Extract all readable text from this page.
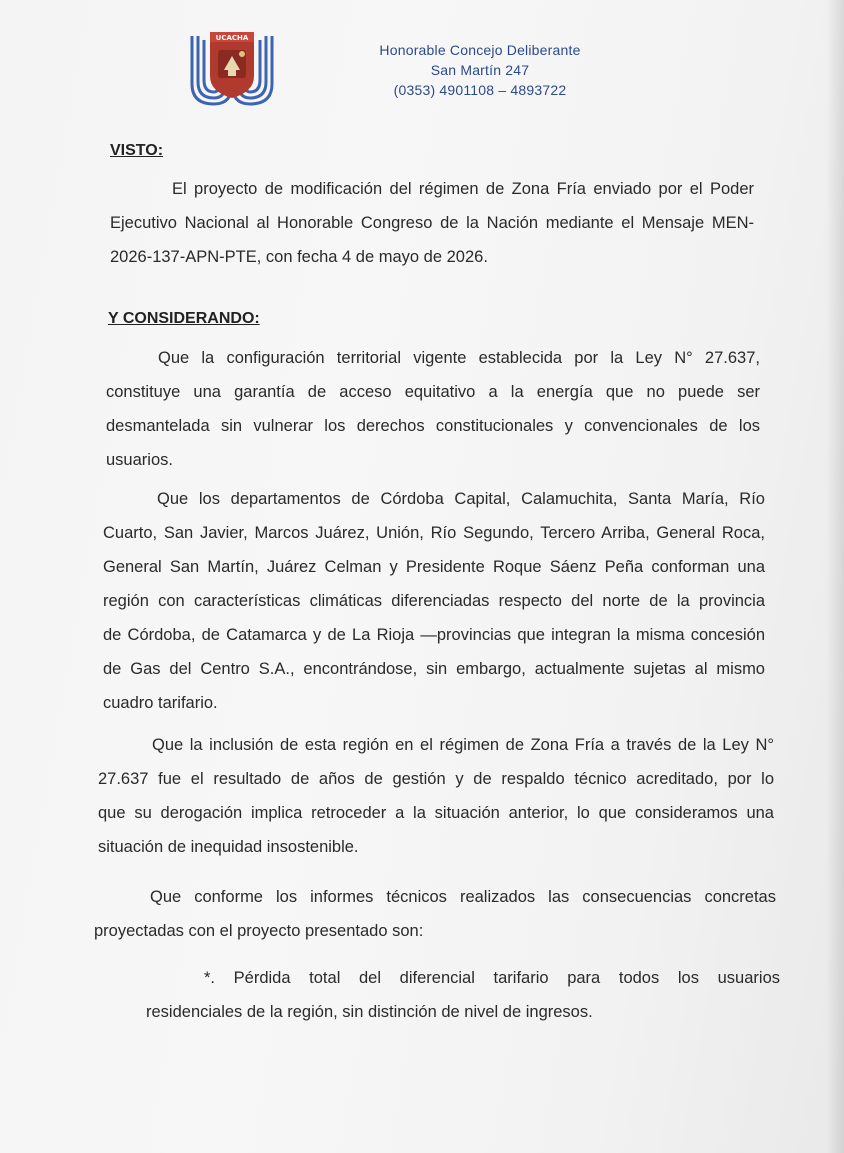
UCACHA
Honorable Concejo Deliberante
San Martín 247
(0353) 4901108 – 4893722
VISTO:
El proyecto de modificación del régimen de Zona Fría enviado por el Poder
Ejecutivo Nacional al Honorable Congreso de la Nación mediante el Mensaje MEN-
2026-137-APN-PTE, con fecha 4 de mayo de 2026.
Y CONSIDERANDO:
Que la configuración territorial vigente establecida por la Ley N° 27.637,
constituye una garantía de acceso equitativo a la energía que no puede ser
desmantelada sin vulnerar los derechos constitucionales y convencionales de los
usuarios.
Que los departamentos de Córdoba Capital, Calamuchita, Santa María, Río
Cuarto, San Javier, Marcos Juárez, Unión, Río Segundo, Tercero Arriba, General Roca,
General San Martín, Juárez Celman y Presidente Roque Sáenz Peña conforman una
región con características climáticas diferenciadas respecto del norte de la provincia
de Córdoba, de Catamarca y de La Rioja —provincias que integran la misma concesión
de Gas del Centro S.A., encontrándose, sin embargo, actualmente sujetas al mismo
cuadro tarifario.
Que la inclusión de esta región en el régimen de Zona Fría a través de la Ley N°
27.637 fue el resultado de años de gestión y de respaldo técnico acreditado, por lo
que su derogación implica retroceder a la situación anterior, lo que consideramos una
situación de inequidad insostenible.
Que conforme los informes técnicos realizados las consecuencias concretas
proyectadas con el proyecto presentado son:
*. Pérdida total del diferencial tarifario para todos los usuarios
residenciales de la región, sin distinción de nivel de ingresos.
